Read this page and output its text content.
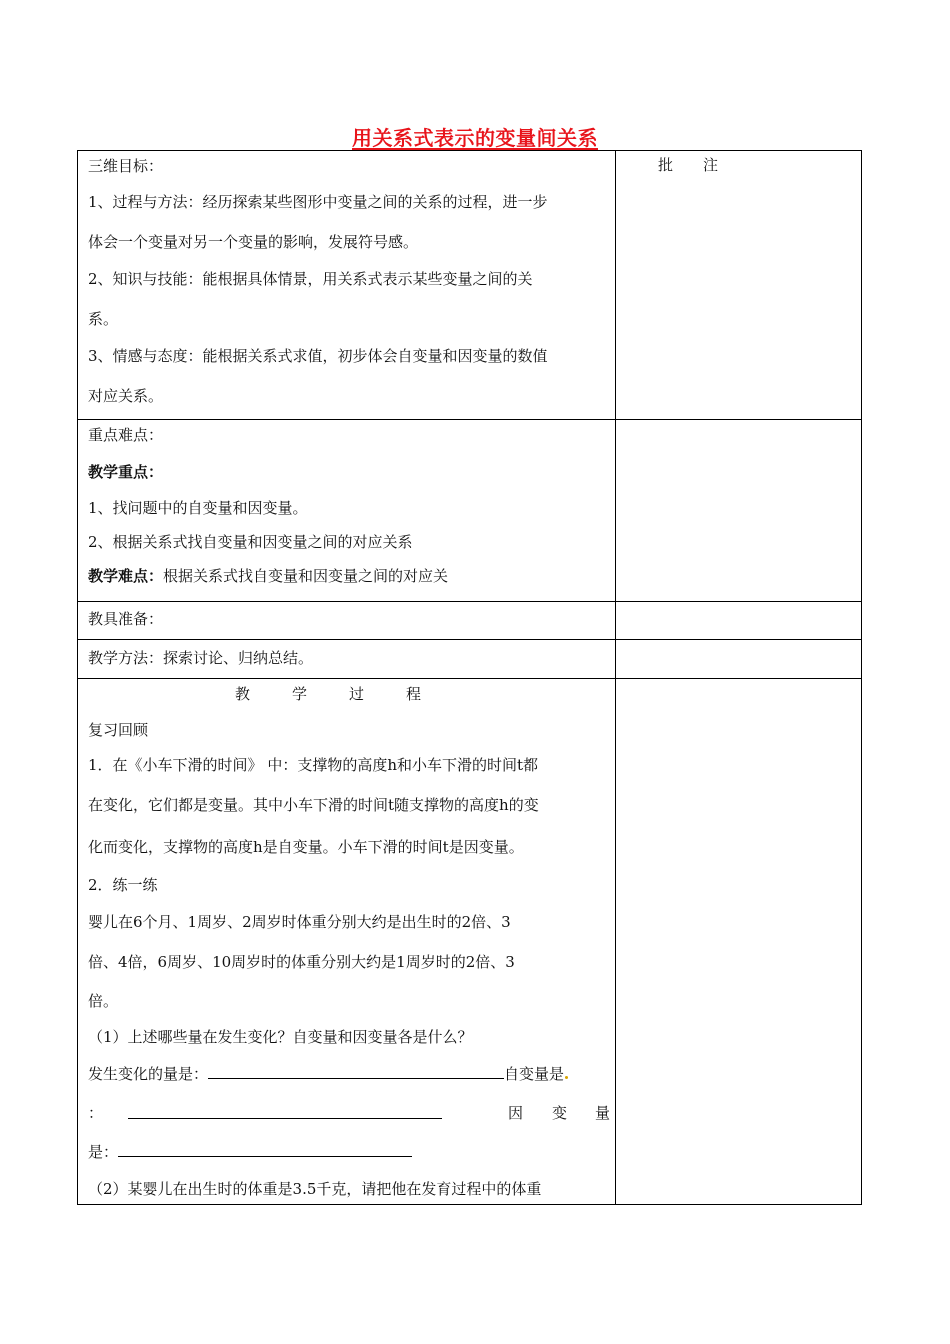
用关系式表示的变量间关系
批 注
三维目标：
1、过程与方法：经历探索某些图形中变量之间的关系的过程，进一步
体会一个变量对另一个变量的影响，发展符号感。
2、知识与技能：能根据具体情景，用关系式表示某些变量之间的关
系。
3、情感与态度：能根据关系式求值，初步体会自变量和因变量的数值
对应关系。
重点难点：
教学重点：
1、找问题中的自变量和因变量。
2、根据关系式找自变量和因变量之间的对应关系
教学难点：根据关系式找自变量和因变量之间的对应关
教具准备：
教学方法：探索讨论、归纳总结。
教学过程
复习回顾
1．在《小车下滑的时间》 中：支撑物的高度h和小车下滑的时间t都
在变化，它们都是变量。其中小车下滑的时间t随支撑物的高度h的变
化而变化，支撑物的高度h是自变量。小车下滑的时间t是因变量。
2．练一练
婴儿在6个月、1周岁、2周岁时体重分别大约是出生时的2倍、3
倍、4倍，6周岁、10周岁时的体重分别大约是1周岁时的2倍、3
倍。
（1）上述哪些量在发生变化？自变量和因变量各是什么？
发生变化的量是：	自变量是
：	因 变 量
是：
（2）某婴儿在出生时的体重是3.5千克，请把他在发育过程中的体重
